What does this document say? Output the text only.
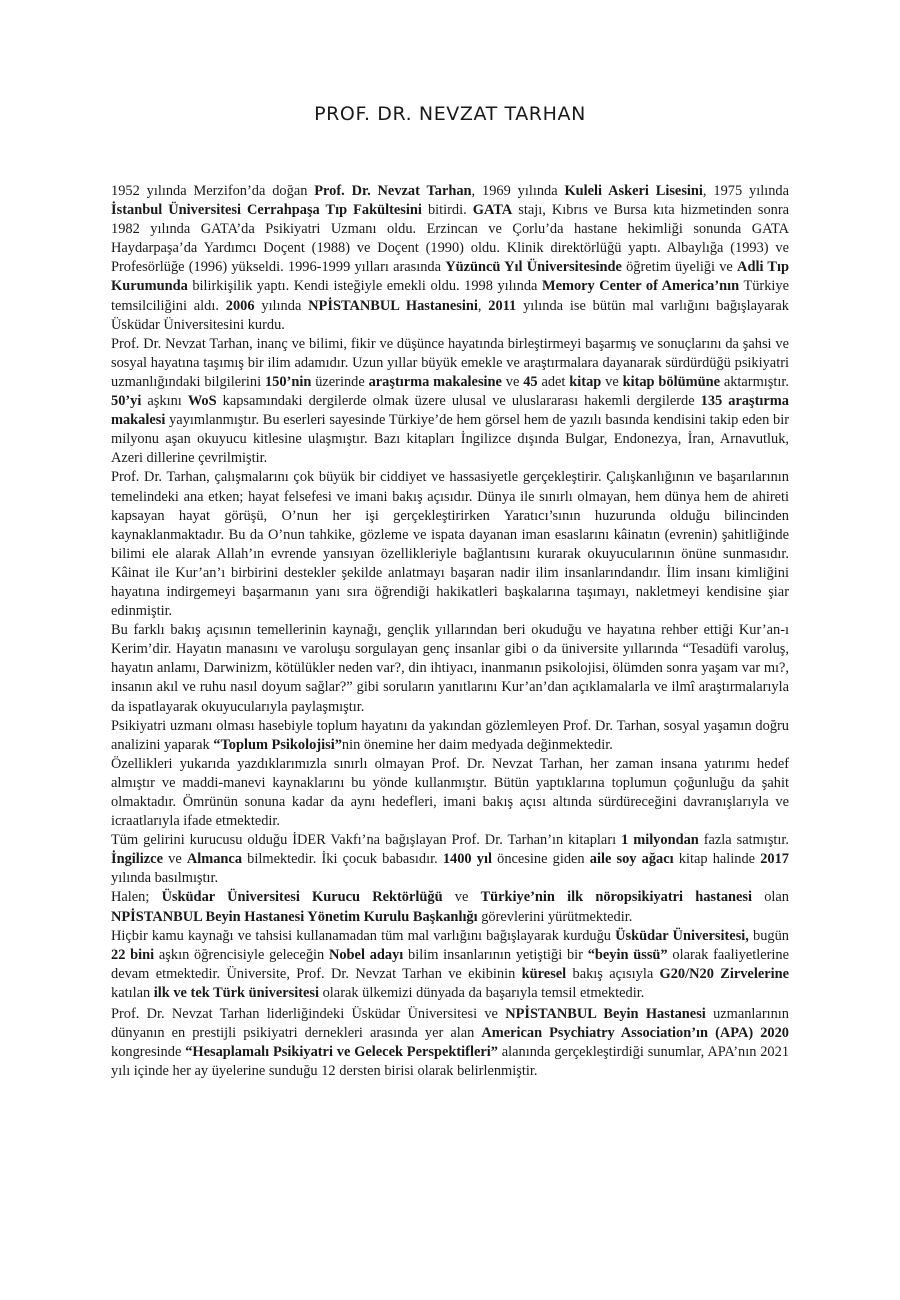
PROF. DR. NEVZAT TARHAN

1952 yılında Merzifon’da doğan Prof. Dr. Nevzat Tarhan, 1969 yılında Kuleli Askeri Lisesini, 1975 yılında İstanbul Üniversitesi Cerrahpaşa Tıp Fakültesini bitirdi. GATA stajı, Kıbrıs ve Bursa kıta hizmetinden sonra 1982 yılında GATA’da Psikiyatri Uzmanı oldu. Erzincan ve Çorlu’da hastane hekimliği sonunda GATA Haydarpaşa’da Yardımcı Doçent (1988) ve Doçent (1990) oldu. Klinik direktörlüğü yaptı. Albaylığa (1993) ve Profesörlüğe (1996) yükseldi. 1996-1999 yılları arasında Yüzüncü Yıl Üniversitesinde öğretim üyeliği ve Adli Tıp Kurumunda bilirkişilik yaptı. Kendi isteğiyle emekli oldu. 1998 yılında Memory Center of America’nın Türkiye temsilciliğini aldı. 2006 yılında NPİSTANBUL Hastanesini, 2011 yılında ise bütün mal varlığını bağışlayarak Üsküdar Üniversitesini kurdu.

Prof. Dr. Nevzat Tarhan, inanç ve bilimi, fikir ve düşünce hayatında birleştirmeyi başarmış ve sonuçlarını da şahsi ve sosyal hayatına taşımış bir ilim adamıdır. Uzun yıllar büyük emekle ve araştırmalara dayanarak sürdürdüğü psikiyatri uzmanlığındaki bilgilerini 150’nin üzerinde araştırma makalesine ve 45 adet kitap ve kitap bölümüne aktarmıştır. 50’yi aşkını WoS kapsamındaki dergilerde olmak üzere ulusal ve uluslararası hakemli dergilerde 135 araştırma makalesi yayımlanmıştır. Bu eserleri sayesinde Türkiye’de hem görsel hem de yazılı basında kendisini takip eden bir milyonu aşan okuyucu kitlesine ulaşmıştır. Bazı kitapları İngilizce dışında Bulgar, Endonezya, İran, Arnavutluk, Azeri dillerine çevrilmiştir.

Prof. Dr. Tarhan, çalışmalarını çok büyük bir ciddiyet ve hassasiyetle gerçekleştirir. Çalışkanlığının ve başarılarının temelindeki ana etken; hayat felsefesi ve imani bakış açısıdır. Dünya ile sınırlı olmayan, hem dünya hem de ahireti kapsayan hayat görüşü, O’nun her işi gerçekleştirirken Yaratıcı’sının huzurunda olduğu bilincinden kaynaklanmaktadır. Bu da O’nun tahkike, gözleme ve ispata dayanan iman esaslarını kâinatın (evrenin) şahitliğinde bilimi ele alarak Allah’ın evrende yansıyan özellikleriyle bağlantısını kurarak okuyucularının önüne sunmasıdır. Kâinat ile Kur’an’ı birbirini destekler şekilde anlatmayı başaran nadir ilim insanlarındandır. İlim insanı kimliğini hayatına indirgemeyi başarmanın yanı sıra öğrendiği hakikatleri başkalarına taşımayı, nakletmeyi kendisine şiar edinmiştir.

Bu farklı bakış açısının temellerinin kaynağı, gençlik yıllarından beri okuduğu ve hayatına rehber ettiği Kur’an-ı Kerim’dir. Hayatın manasını ve varoluşu sorgulayan genç insanlar gibi o da üniversite yıllarında “Tesadüfi varoluş, hayatın anlamı, Darwinizm, kötülükler neden var?, din ihtiyacı, inanmanın psikolojisi, ölümden sonra yaşam var mı?, insanın akıl ve ruhu nasıl doyum sağlar?” gibi soruların yanıtlarını Kur’an’dan açıklamalarla ve ilmî araştırmalarıyla da ispatlayarak okuyucularıyla paylaşmıştır.

Psikiyatri uzmanı olması hasebiyle toplum hayatını da yakından gözlemleyen Prof. Dr. Tarhan, sosyal yaşamın doğru analizini yaparak “Toplum Psikolojisi”nin önemine her daim medyada değinmektedir.

Özellikleri yukarıda yazdıklarımızla sınırlı olmayan Prof. Dr. Nevzat Tarhan, her zaman insana yatırımı hedef almıştır ve maddi-manevi kaynaklarını bu yönde kullanmıştır. Bütün yaptıklarına toplumun çoğunluğu da şahit olmaktadır. Ömrünün sonuna kadar da aynı hedefleri, imani bakış açısı altında sürdüreceğini davranışlarıyla ve icraatlarıyla ifade etmektedir.

Tüm gelirini kurucusu olduğu İDER Vakfı’na bağışlayan Prof. Dr. Tarhan’ın kitapları 1 milyondan fazla satmıştır. İngilizce ve Almanca bilmektedir. İki çocuk babasıdır. 1400 yıl öncesine giden aile soy ağacı kitap halinde 2017 yılında basılmıştır.

Halen; Üsküdar Üniversitesi Kurucu Rektörlüğü ve Türkiye’nin ilk nöropsikiyatri hastanesi olan NPİSTANBUL Beyin Hastanesi Yönetim Kurulu Başkanlığı görevlerini yürütmektedir.

Hiçbir kamu kaynağı ve tahsisi kullanamadan tüm mal varlığını bağışlayarak kurduğu Üsküdar Üniversitesi, bugün 22 bini aşkın öğrencisiyle geleceğin Nobel adayı bilim insanlarının yetiştiği bir “beyin üssü” olarak faaliyetlerine devam etmektedir. Üniversite, Prof. Dr. Nevzat Tarhan ve ekibinin küresel bakış açısıyla G20/N20 Zirvelerine katılan ilk ve tek Türk üniversitesi olarak ülkemizi dünyada da başarıyla temsil etmektedir.

Prof. Dr. Nevzat Tarhan liderliğindeki Üsküdar Üniversitesi ve NPİSTANBUL Beyin Hastanesi uzmanlarının dünyanın en prestijli psikiyatri dernekleri arasında yer alan American Psychiatry Association’ın (APA) 2020 kongresinde “Hesaplamalı Psikiyatri ve Gelecek Perspektifleri” alanında gerçekleştirdiği sunumlar, APA’nın 2021 yılı içinde her ay üyelerine sunduğu 12 dersten birisi olarak belirlenmiştir.
